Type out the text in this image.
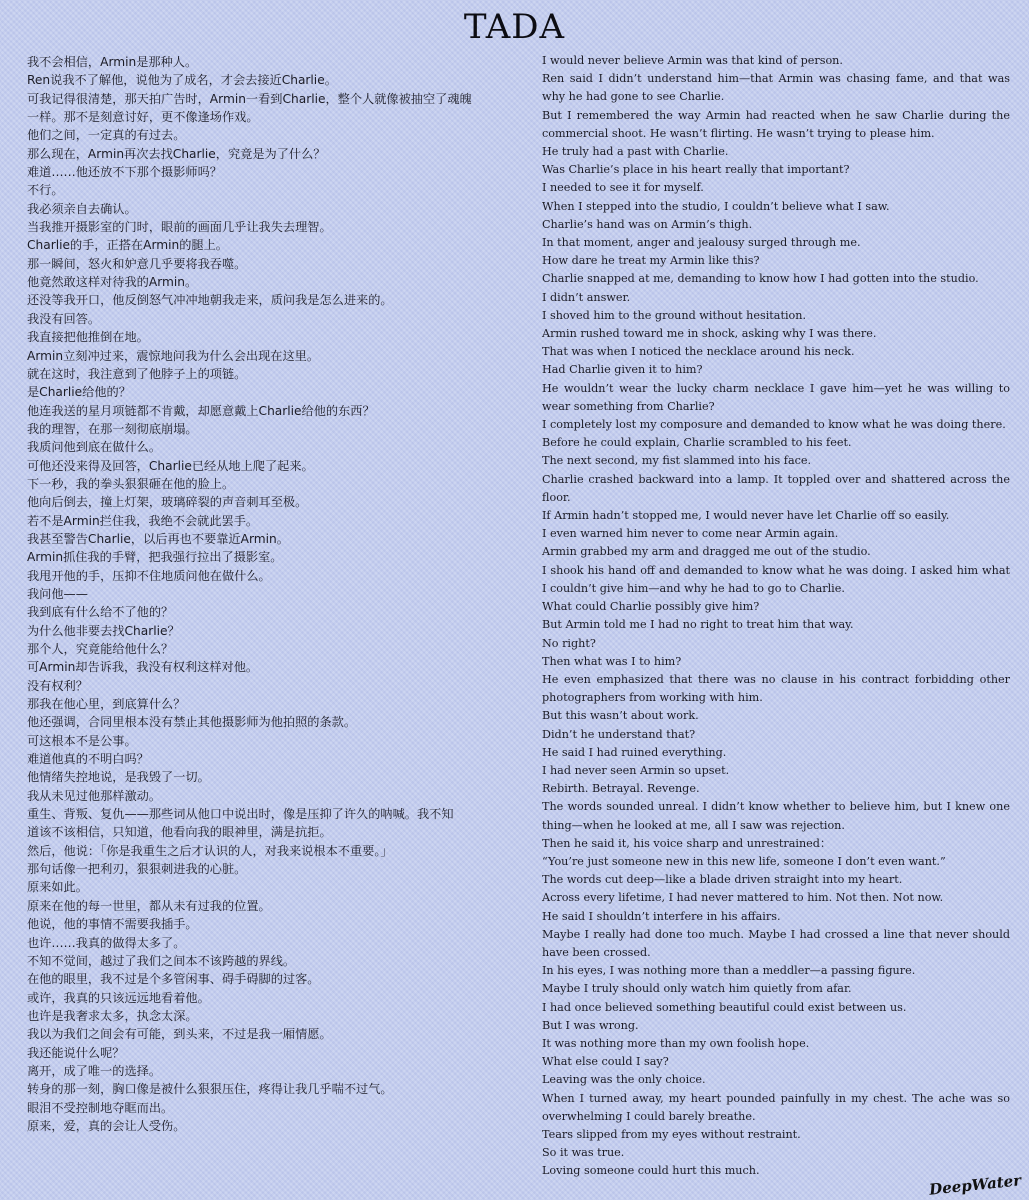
TADA
我不会相信，Armin是那种人。
Ren说我不了解他，说他为了成名，才会去接近Charlie。
可我记得很清楚，那天拍广告时，Armin一看到Charlie，整个人就像被抽空了魂魄
一样。那不是刻意讨好，更不像逢场作戏。
他们之间，一定真的有过去。
那么现在，Armin再次去找Charlie，究竟是为了什么？
难道……他还放不下那个摄影师吗？
不行。
我必须亲自去确认。
当我推开摄影室的门时，眼前的画面几乎让我失去理智。
Charlie的手，正搭在Armin的腿上。
那一瞬间，怒火和妒意几乎要将我吞噬。
他竟然敢这样对待我的Armin。
还没等我开口，他反倒怒气冲冲地朝我走来，质问我是怎么进来的。
我没有回答。
我直接把他推倒在地。
Armin立刻冲过来，震惊地问我为什么会出现在这里。
就在这时，我注意到了他脖子上的项链。
是Charlie给他的？
他连我送的星月项链都不肯戴，却愿意戴上Charlie给他的东西？
我的理智，在那一刻彻底崩塌。
我质问他到底在做什么。
可他还没来得及回答，Charlie已经从地上爬了起来。
下一秒，我的拳头狠狠砸在他的脸上。
他向后倒去，撞上灯架，玻璃碎裂的声音刺耳至极。
若不是Armin拦住我，我绝不会就此罢手。
我甚至警告Charlie，以后再也不要靠近Armin。
Armin抓住我的手臂，把我强行拉出了摄影室。
我甩开他的手，压抑不住地质问他在做什么。
我问他——
我到底有什么给不了他的？
为什么他非要去找Charlie？
那个人，究竟能给他什么？
可Armin却告诉我，我没有权利这样对他。
没有权利？
那我在他心里，到底算什么？
他还强调，合同里根本没有禁止其他摄影师为他拍照的条款。
可这根本不是公事。
难道他真的不明白吗？
他情绪失控地说，是我毁了一切。
我从未见过他那样激动。
重生、背叛、复仇——那些词从他口中说出时，像是压抑了许久的呐喊。我不知
道该不该相信，只知道，他看向我的眼神里，满是抗拒。
然后，他说：「你是我重生之后才认识的人，对我来说根本不重要。」
那句话像一把利刃，狠狠刺进我的心脏。
原来如此。
原来在他的每一世里，都从未有过我的位置。
他说，他的事情不需要我插手。
也许……我真的做得太多了。
不知不觉间，越过了我们之间本不该跨越的界线。
在他的眼里，我不过是个多管闲事、碍手碍脚的过客。
或许，我真的只该远远地看着他。
也许是我奢求太多，执念太深。
我以为我们之间会有可能，到头来，不过是我一厢情愿。
我还能说什么呢？
离开，成了唯一的选择。
转身的那一刻，胸口像是被什么狠狠压住，疼得让我几乎喘不过气。
眼泪不受控制地夺眶而出。
原来，爱，真的会让人受伤。
I would never believe Armin was that kind of person.
Ren said I didn’t understand him—that Armin was chasing fame, and that was why he had gone to see Charlie.
But I remembered the way Armin had reacted when he saw Charlie during the commercial shoot. He wasn’t flirting. He wasn’t trying to please him.
He truly had a past with Charlie.
Was Charlie’s place in his heart really that important?
I needed to see it for myself.
When I stepped into the studio, I couldn’t believe what I saw.
Charlie’s hand was on Armin’s thigh.
In that moment, anger and jealousy surged through me.
How dare he treat my Armin like this?
Charlie snapped at me, demanding to know how I had gotten into the studio.
I didn’t answer.
I shoved him to the ground without hesitation.
Armin rushed toward me in shock, asking why I was there.
That was when I noticed the necklace around his neck.
Had Charlie given it to him?
He wouldn’t wear the lucky charm necklace I gave him—yet he was willing to wear something from Charlie?
I completely lost my composure and demanded to know what he was doing there.
Before he could explain, Charlie scrambled to his feet.
The next second, my fist slammed into his face.
Charlie crashed backward into a lamp. It toppled over and shattered across the floor.
If Armin hadn’t stopped me, I would never have let Charlie off so easily.
I even warned him never to come near Armin again.
Armin grabbed my arm and dragged me out of the studio.
I shook his hand off and demanded to know what he was doing. I asked him what I couldn’t give him—and why he had to go to Charlie.
What could Charlie possibly give him?
But Armin told me I had no right to treat him that way.
No right?
Then what was I to him?
He even emphasized that there was no clause in his contract forbidding other photographers from working with him.
But this wasn’t about work.
Didn’t he understand that?
He said I had ruined everything.
I had never seen Armin so upset.
Rebirth. Betrayal. Revenge.
The words sounded unreal. I didn’t know whether to believe him, but I knew one thing—when he looked at me, all I saw was rejection.
Then he said it, his voice sharp and unrestrained：
“You’re just someone new in this new life, someone I don’t even want.”
The words cut deep—like a blade driven straight into my heart.
Across every lifetime, I had never mattered to him. Not then. Not now.
He said I shouldn’t interfere in his affairs.
Maybe I really had done too much. Maybe I had crossed a line that never should have been crossed.
In his eyes, I was nothing more than a meddler—a passing figure.
Maybe I truly should only watch him quietly from afar.
I had once believed something beautiful could exist between us.
But I was wrong.
It was nothing more than my own foolish hope.
What else could I say?
Leaving was the only choice.
When I turned away, my heart pounded painfully in my chest. The ache was so overwhelming I could barely breathe.
Tears slipped from my eyes without restraint.
So it was true.
Loving someone could hurt this much.
DeepWater
